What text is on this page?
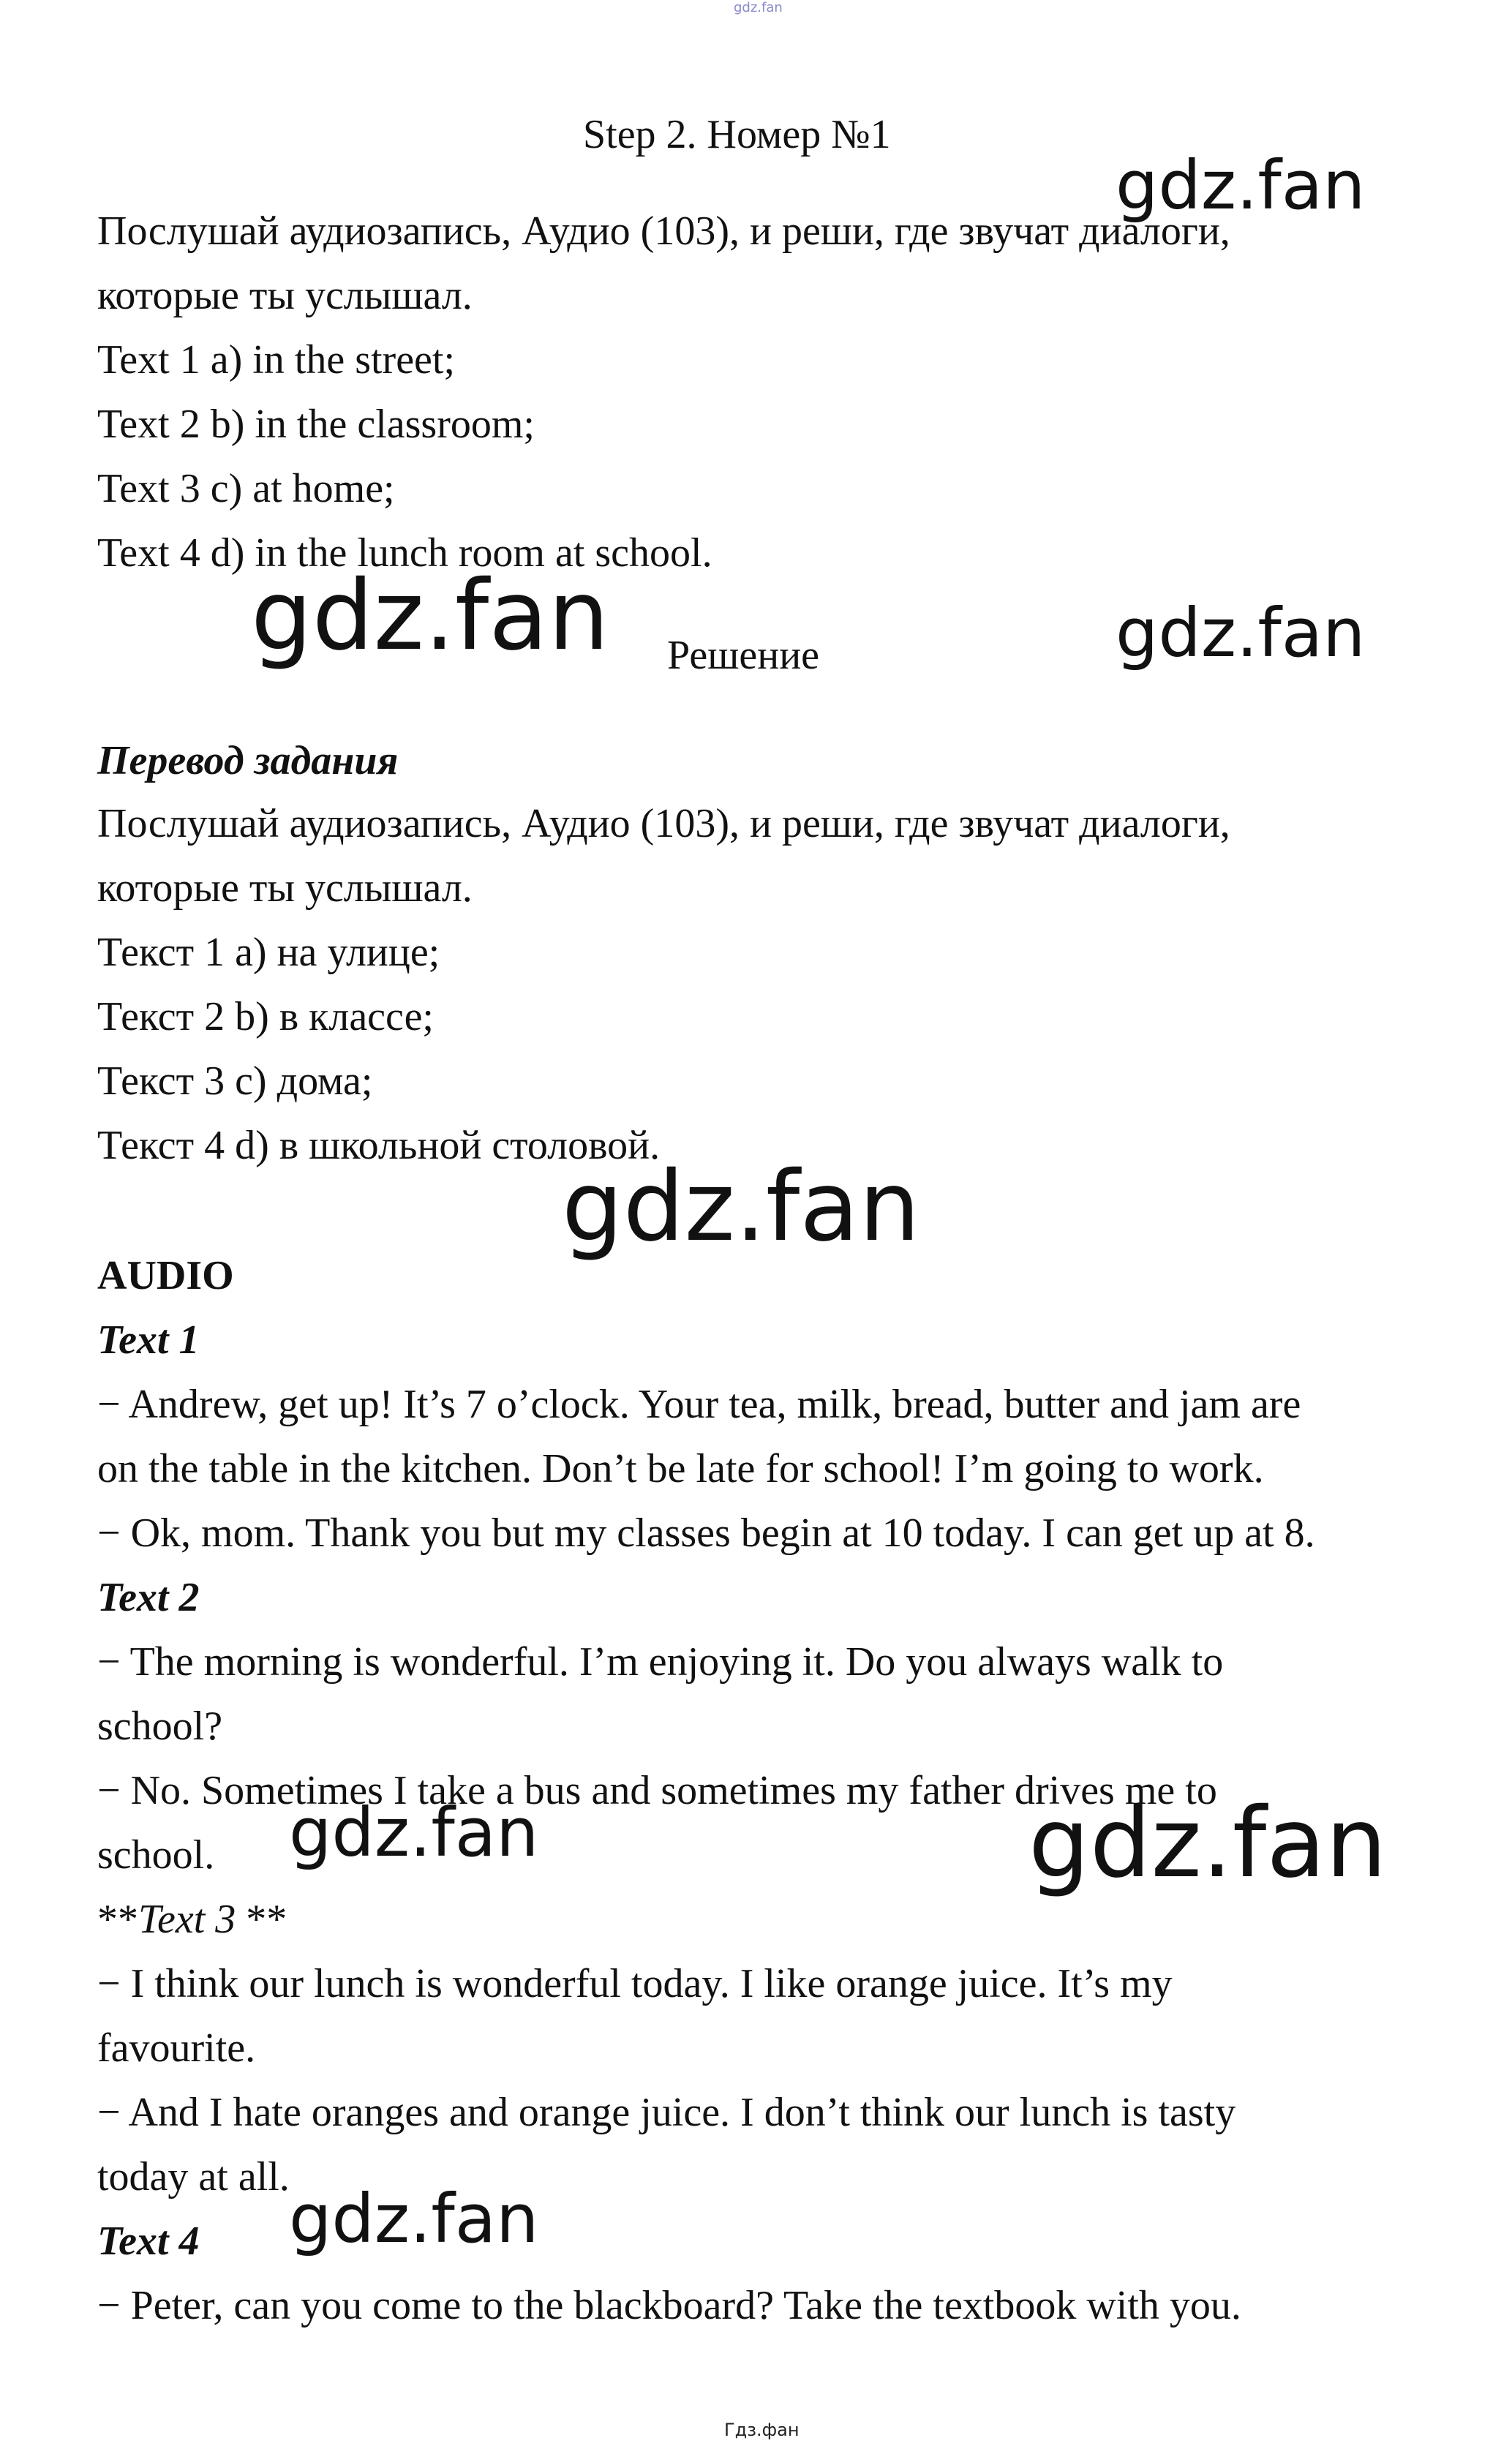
gdz.fan
Step 2. Номер №1
Послушай аудиозапись, Аудио (103), и реши, где звучат диалоги,
которые ты услышал.
Text 1 a) in the street;
Text 2 b) in the classroom;
Text 3 c) at home;
Text 4 d) in the lunch room at school.
Решение
Перевод задания
Послушай аудиозапись, Аудио (103), и реши, где звучат диалоги,
которые ты услышал.
Текст 1 a) на улице;
Текст 2 b) в классе;
Текст 3 c) дома;
Текст 4 d) в школьной столовой.
AUDIO
Text 1
− Andrew, get up! It’s 7 o’clock. Your tea, milk, bread, butter and jam are
on the table in the kitchen. Don’t be late for school! I’m going to work.
− Ok, mom. Thank you but my classes begin at 10 today. I can get up at 8.
Text 2
− The morning is wonderful. I’m enjoying it. Do you always walk to
school?
− No. Sometimes I take a bus and sometimes my father drives me to
school.
**Text 3 **
− I think our lunch is wonderful today. I like orange juice. It’s my
favourite.
− And I hate oranges and orange juice. I don’t think our lunch is tasty
today at all.
Text 4
− Peter, can you come to the blackboard? Take the textbook with you.
gdz.fan
gdz.fan	gdz.fan
gdz.fan
gdz.fan	gdz.fan
gdz.fan
Гдз.фан
